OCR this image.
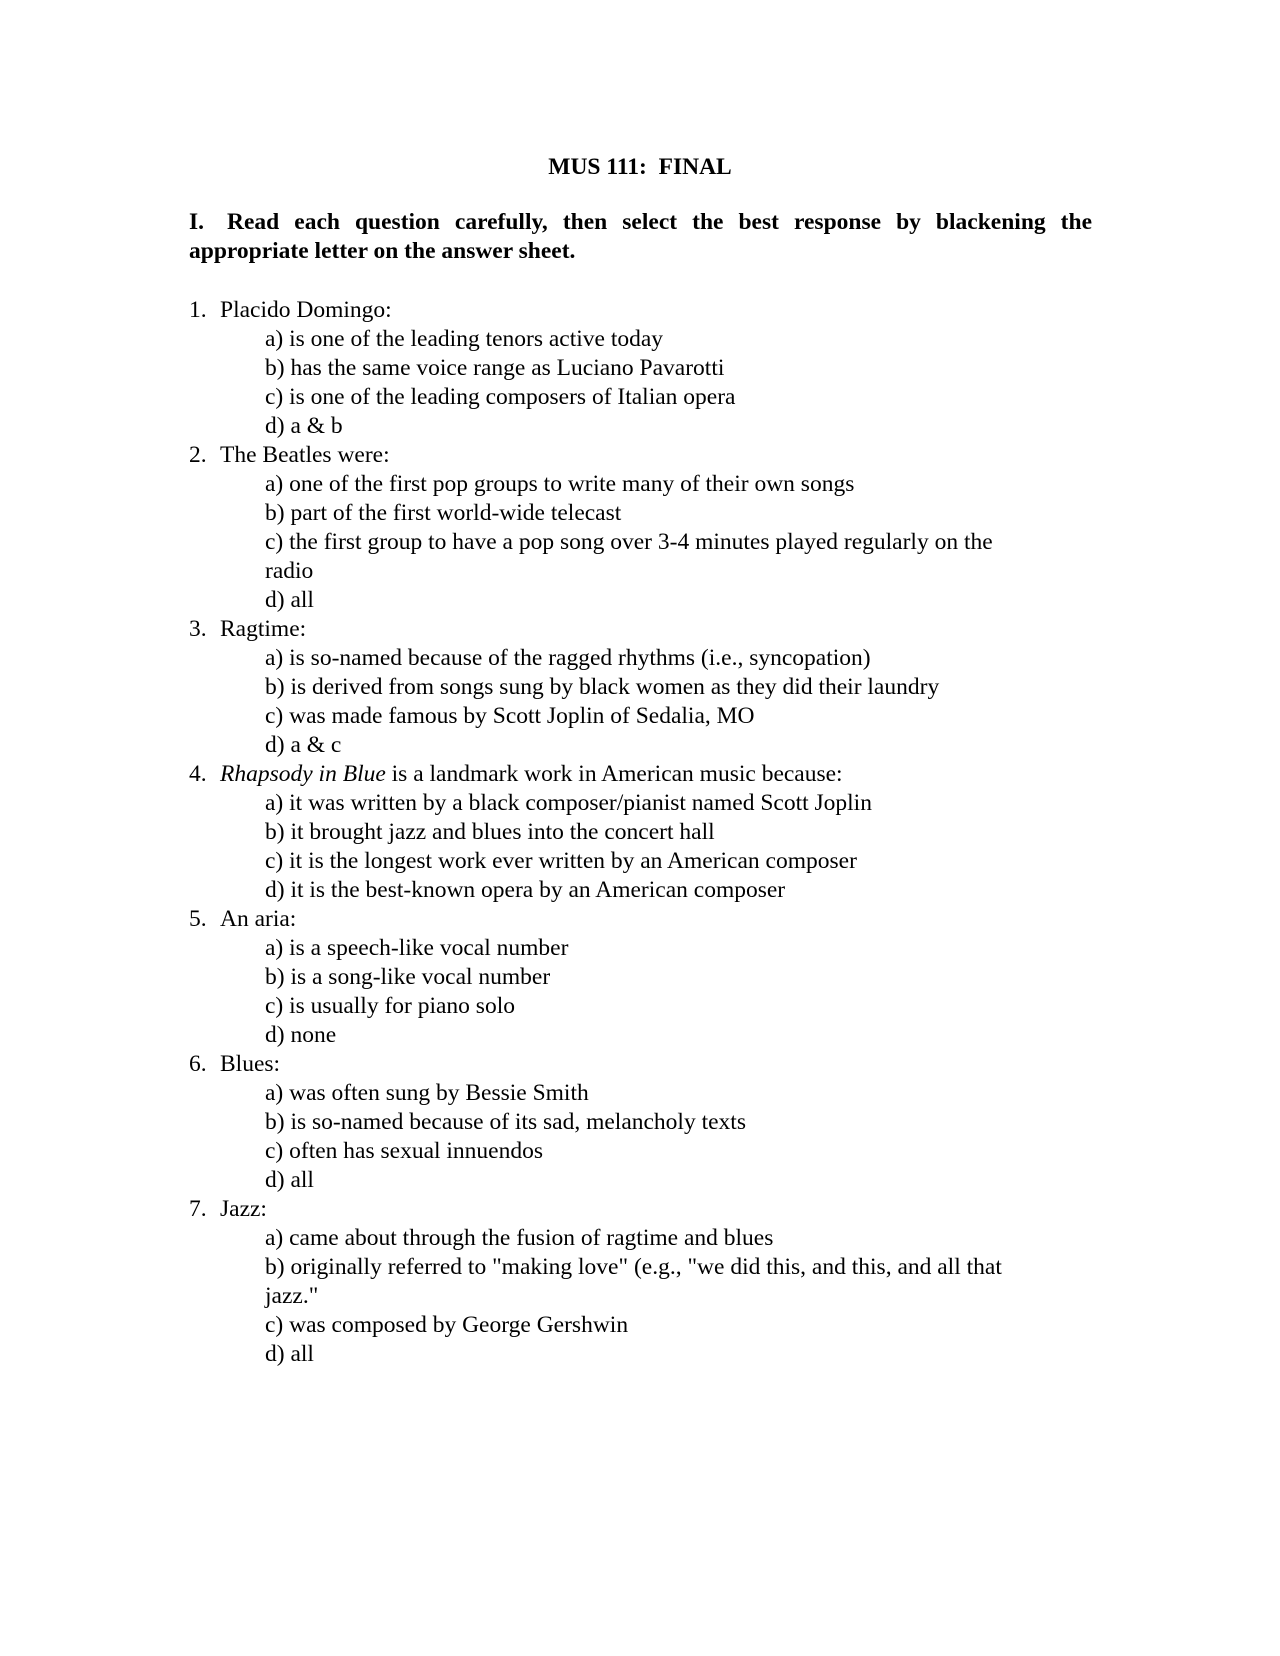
MUS 111:  FINAL

I. Read each question carefully, then select the best response by blackening the appropriate letter on the answer sheet.

1. Placido Domingo:
a) is one of the leading tenors active today
b) has the same voice range as Luciano Pavarotti
c) is one of the leading composers of Italian opera
d) a & b
2. The Beatles were:
a) one of the first pop groups to write many of their own songs
b) part of the first world-wide telecast
c) the first group to have a pop song over 3-4 minutes played regularly on the radio
d) all
3. Ragtime:
a) is so-named because of the ragged rhythms (i.e., syncopation)
b) is derived from songs sung by black women as they did their laundry
c) was made famous by Scott Joplin of Sedalia, MO
d) a & c
4. Rhapsody in Blue is a landmark work in American music because:
a) it was written by a black composer/pianist named Scott Joplin
b) it brought jazz and blues into the concert hall
c) it is the longest work ever written by an American composer
d) it is the best-known opera by an American composer
5. An aria:
a) is a speech-like vocal number
b) is a song-like vocal number
c) is usually for piano solo
d) none
6. Blues:
a) was often sung by Bessie Smith
b) is so-named because of its sad, melancholy texts
c) often has sexual innuendos
d) all
7. Jazz:
a) came about through the fusion of ragtime and blues
b) originally referred to "making love" (e.g., "we did this, and this, and all that jazz."
c) was composed by George Gershwin
d) all
